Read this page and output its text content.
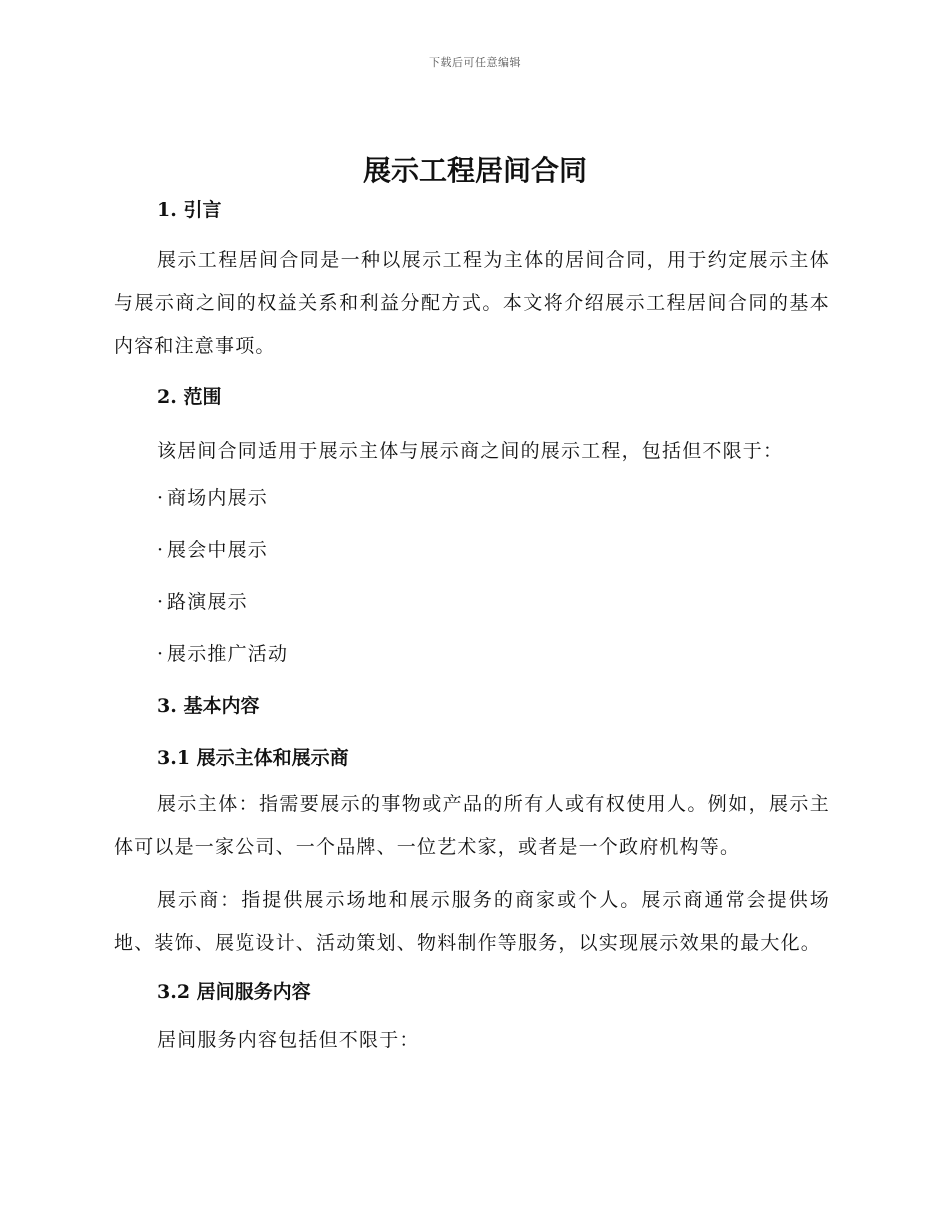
下载后可任意编辑
展示工程居间合同
1. 引言

展示工程居间合同是一种以展示工程为主体的居间合同，用于约定展示主体与展示商之间的权益关系和利益分配方式。本文将介绍展示工程居间合同的基本内容和注意事项。

2. 范围

该居间合同适用于展示主体与展示商之间的展示工程，包括但不限于：

· 商场内展示
· 展会中展示
· 路演展示
· 展示推广活动
3. 基本内容
3.1 展示主体和展示商

展示主体：指需要展示的事物或产品的所有人或有权使用人。例如，展示主体可以是一家公司、一个品牌、一位艺术家，或者是一个政府机构等。

展示商：指提供展示场地和展示服务的商家或个人。展示商通常会提供场地、装饰、展览设计、活动策划、物料制作等服务，以实现展示效果的最大化。

3.2 居间服务内容

居间服务内容包括但不限于：
